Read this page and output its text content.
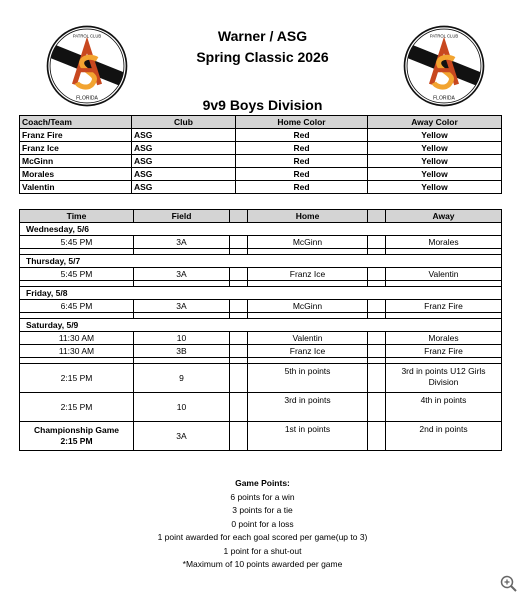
FLORIDA
PATROL CLUB
FLORIDA
PATROL CLUB
Warner / ASG
Spring Classic 2026
9v9 Boys Division
Coach/Team	Club	Home Color	Away Color
Franz Fire	ASG	Red	Yellow
Franz Ice	ASG	Red	Yellow
McGinn	ASG	Red	Yellow
Morales	ASG	Red	Yellow
Valentin	ASG	Red	Yellow
Time	Field		Home		Away
Wednesday, 5/6					
5:45 PM	3A		McGinn		Morales

Thursday, 5/7					
5:45 PM	3A		Franz Ice		Valentin

Friday, 5/8					
6:45 PM	3A		McGinn		Franz Fire

Saturday, 5/9					
11:30 AM	10		Valentin		Morales
11:30 AM	3B		Franz Ice		Franz Fire

2:15 PM	9		5th in points		3rd in points U12 Girls Division
2:15 PM	10		3rd in points		4th in points

Championship Game
2:15 PM	3A		1st in points		2nd in points
Game Points:
6 points for a win
3 points for a tie
0 point for a loss
1 point awarded for each goal scored per game(up to 3)
1 point for a shut-out
*Maximum of 10 points awarded per game
